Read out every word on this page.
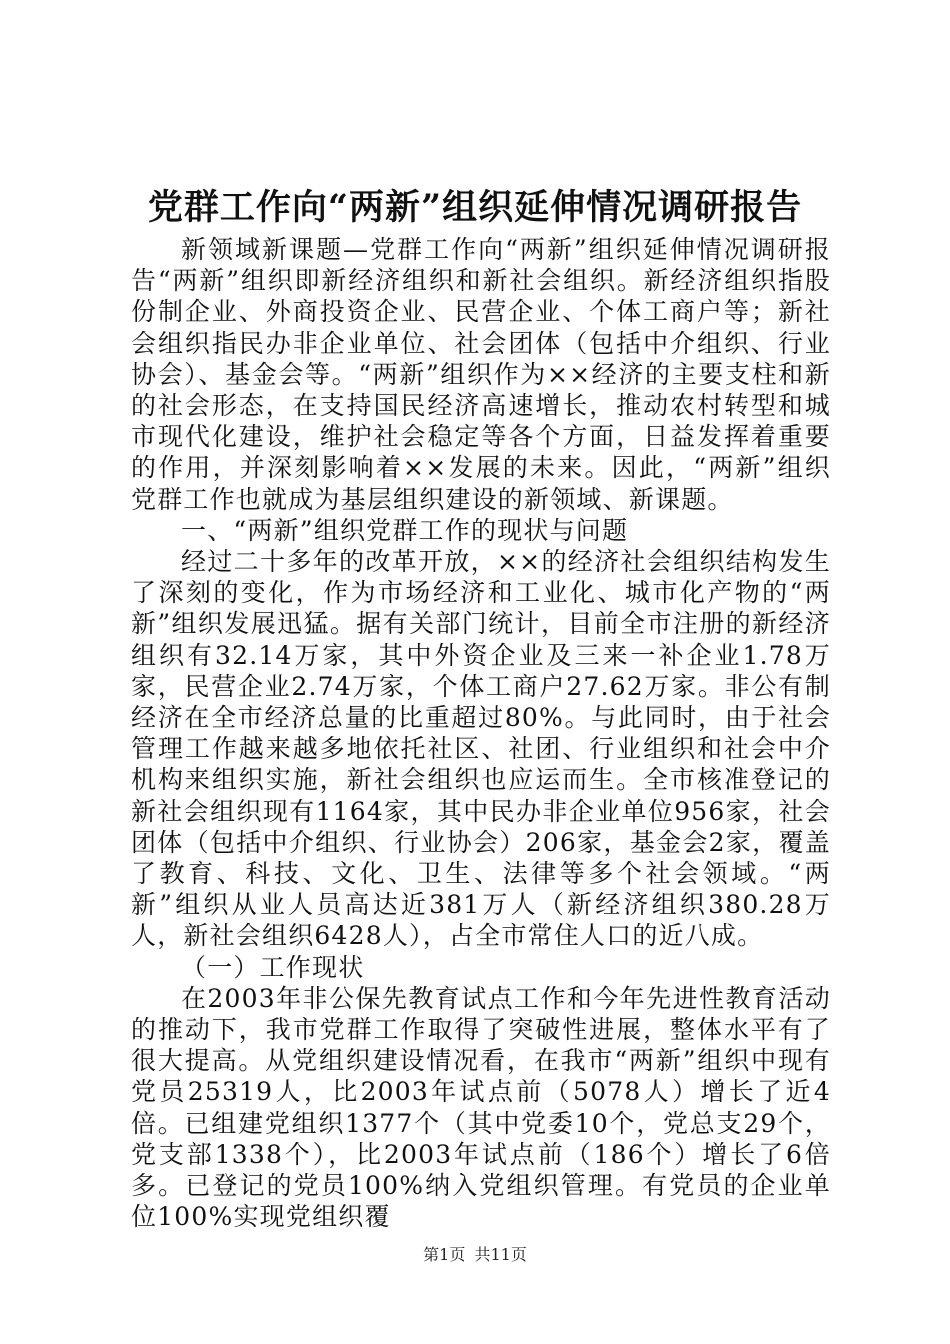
党群工作向“两新”组织延伸情况调研报告

新领域新课题—党群工作向“两新”组织延伸情况调研报告“两新”组织即新经济组织和新社会组织。新经济组织指股份制企业、外商投资企业、民营企业、个体工商户等；新社会组织指民办非企业单位、社会团体（包括中介组织、行业协会）、基金会等。“两新”组织作为××经济的主要支柱和新的社会形态，在支持国民经济高速增长，推动农村转型和城市现代化建设，维护社会稳定等各个方面，日益发挥着重要的作用，并深刻影响着××发展的未来。因此，“两新”组织党群工作也就成为基层组织建设的新领域、新课题。

一、“两新”组织党群工作的现状与问题

经过二十多年的改革开放，××的经济社会组织结构发生了深刻的变化，作为市场经济和工业化、城市化产物的“两新”组织发展迅猛。据有关部门统计，目前全市注册的新经济组织有32.14万家，其中外资企业及三来一补企业1.78万家，民营企业2.74万家，个体工商户27.62万家。非公有制经济在全市经济总量的比重超过80%。与此同时，由于社会管理工作越来越多地依托社区、社团、行业组织和社会中介机构来组织实施，新社会组织也应运而生。全市核准登记的新社会组织现有1164家，其中民办非企业单位956家，社会团体（包括中介组织、行业协会）206家，基金会2家，覆盖了教育、科技、文化、卫生、法律等多个社会领域。“两新”组织从业人员高达近381万人（新经济组织380.28万人，新社会组织6428人），占全市常住人口的近八成。

（一）工作现状

在2003年非公保先教育试点工作和今年先进性教育活动的推动下，我市党群工作取得了突破性进展，整体水平有了很大提高。从党组织建设情况看，在我市“两新”组织中现有党员25319人，比2003年试点前（5078人）增长了近4倍。已组建党组织1377个（其中党委10个，党总支29个，党支部1338个），比2003年试点前（186个）增长了6倍多。已登记的党员100%纳入党组织管理。有党员的企业单位100%实现党组织覆

第1页 共11页
